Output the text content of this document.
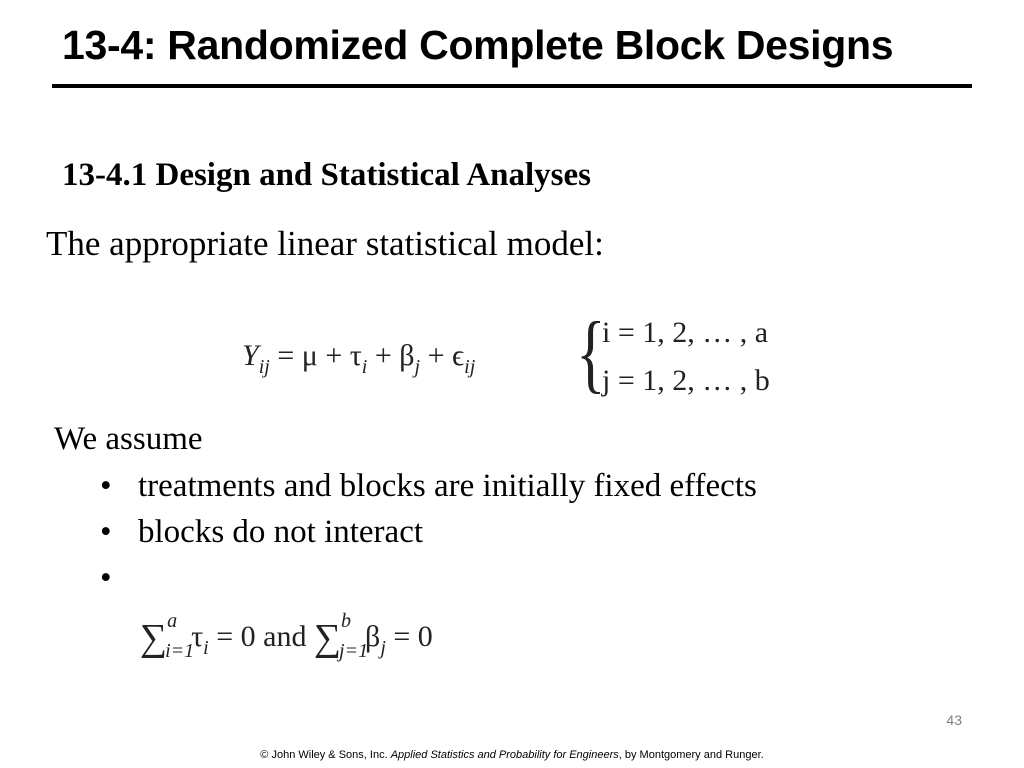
13-4: Randomized Complete Block Designs
13-4.1 Design and Statistical Analyses
The appropriate linear statistical model:
$Y_{ij} = \mu + \tau_i + \beta_j + \epsilon_{ij}$ {
i = 1, 2, … , a
j = 1, 2, … , b
We assume
• treatments and blocks are initially fixed effects
• blocks do not interact
•
∑ a
i=1
$\tau_i = 0$ and ∑ b
j=1
$\beta_j = 0$
43
© John Wiley & Sons, Inc. Applied Statistics and Probability for Engineers, by Montgomery and Runger.
